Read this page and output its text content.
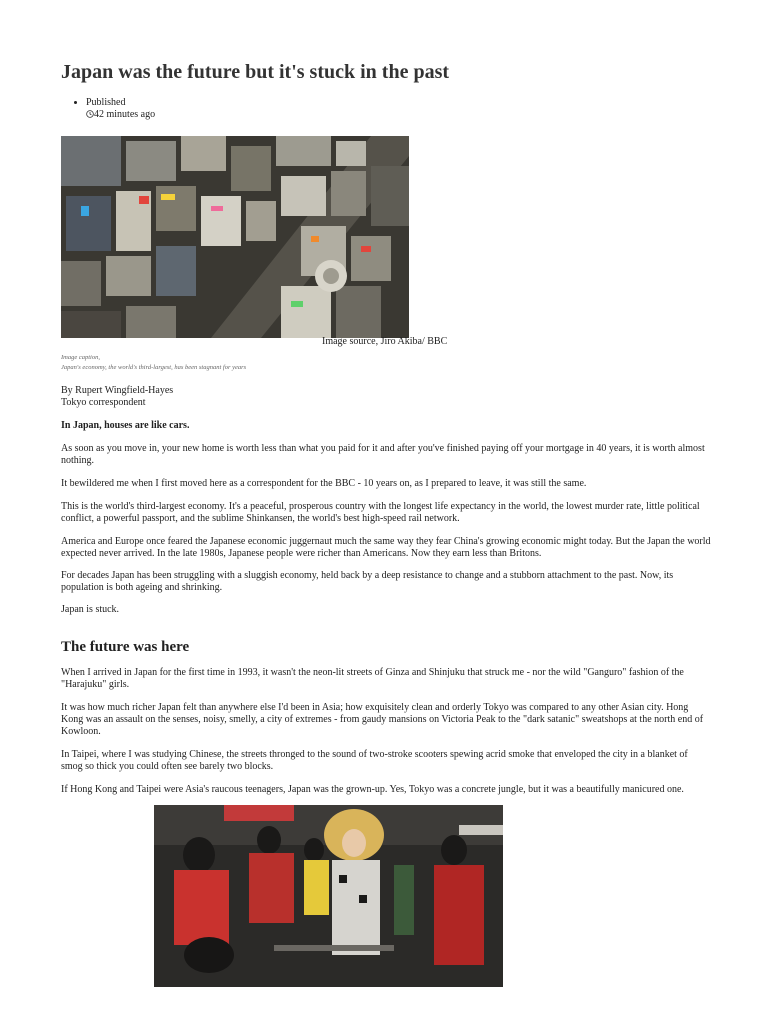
Japan was the future but it's stuck in the past
• Published
42 minutes ago
Image source, Jiro Akiba/ BBC
Image caption,
Japan's economy, the world's third-largest, has been stagnant for years
By Rupert Wingfield-Hayes
Tokyo correspondent

In Japan, houses are like cars.

As soon as you move in, your new home is worth less than what you paid for it and after you've finished paying off your mortgage in 40 years, it is worth almost nothing.

It bewildered me when I first moved here as a correspondent for the BBC - 10 years on, as I prepared to leave, it was still the same.

This is the world's third-largest economy. It's a peaceful, prosperous country with the longest life expectancy in the world, the lowest murder rate, little political conflict, a powerful passport, and the sublime Shinkansen, the world's best high-speed rail network.

America and Europe once feared the Japanese economic juggernaut much the same way they fear China's growing economic might today. But the Japan the world expected never arrived. In the late 1980s, Japanese people were richer than Americans. Now they earn less than Britons.

For decades Japan has been struggling with a sluggish economy, held back by a deep resistance to change and a stubborn attachment to the past. Now, its population is both ageing and shrinking.

Japan is stuck.

The future was here

When I arrived in Japan for the first time in 1993, it wasn't the neon-lit streets of Ginza and Shinjuku that struck me - nor the wild "Ganguro" fashion of the "Harajuku" girls.

It was how much richer Japan felt than anywhere else I'd been in Asia; how exquisitely clean and orderly Tokyo was compared to any other Asian city. Hong Kong was an assault on the senses, noisy, smelly, a city of extremes - from gaudy mansions on Victoria Peak to the "dark satanic" sweatshops at the north end of Kowloon.

In Taipei, where I was studying Chinese, the streets thronged to the sound of two-stroke scooters spewing acrid smoke that enveloped the city in a blanket of smog so thick you could often see barely two blocks.

If Hong Kong and Taipei were Asia's raucous teenagers, Japan was the grown-up. Yes, Tokyo was a concrete jungle, but it was a beautifully manicured one.
